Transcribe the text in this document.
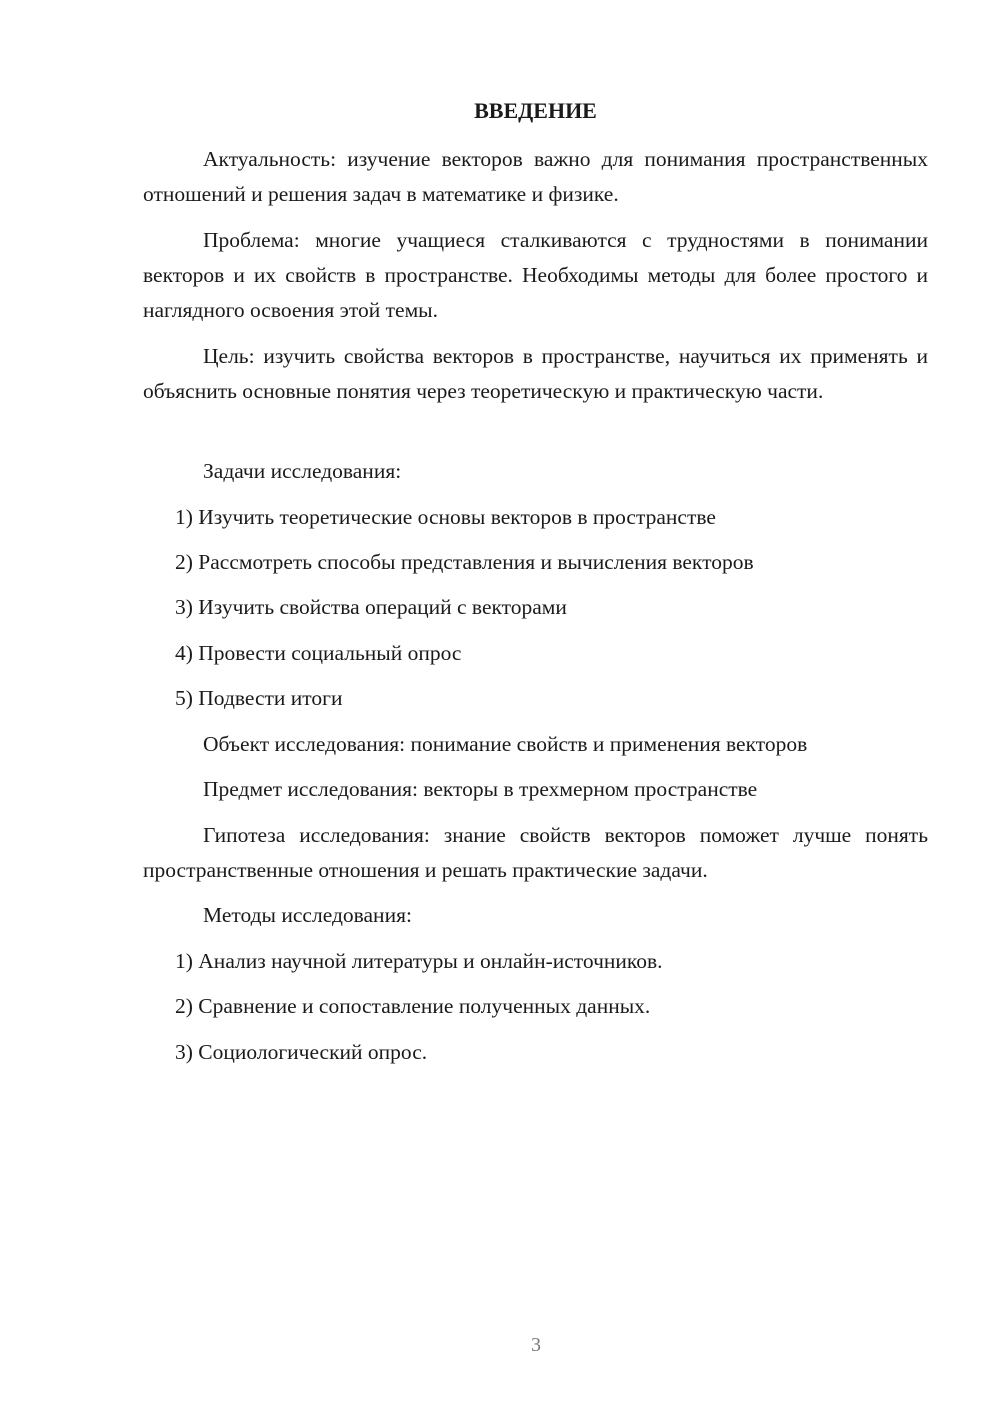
ВВЕДЕНИЕ
Актуальность: изучение векторов важно для понимания пространственных отношений и решения задач в математике и физике.
Проблема: многие учащиеся сталкиваются с трудностями в понимании векторов и их свойств в пространстве. Необходимы методы для более простого и наглядного освоения этой темы.
Цель: изучить свойства векторов в пространстве, научиться их применять и объяснить основные понятия через теоретическую и практическую части.
Задачи исследования:
1) Изучить теоретические основы векторов в пространстве
2) Рассмотреть способы представления и вычисления векторов
3) Изучить свойства операций с векторами
4) Провести социальный опрос
5) Подвести итоги
Объект исследования: понимание свойств и применения векторов
Предмет исследования: векторы в трехмерном пространстве
Гипотеза исследования: знание свойств векторов поможет лучше понять пространственные отношения и решать практические задачи.
Методы исследования:
1) Анализ научной литературы и онлайн-источников.
2) Сравнение и сопоставление полученных данных.
3) Социологический опрос.
3
